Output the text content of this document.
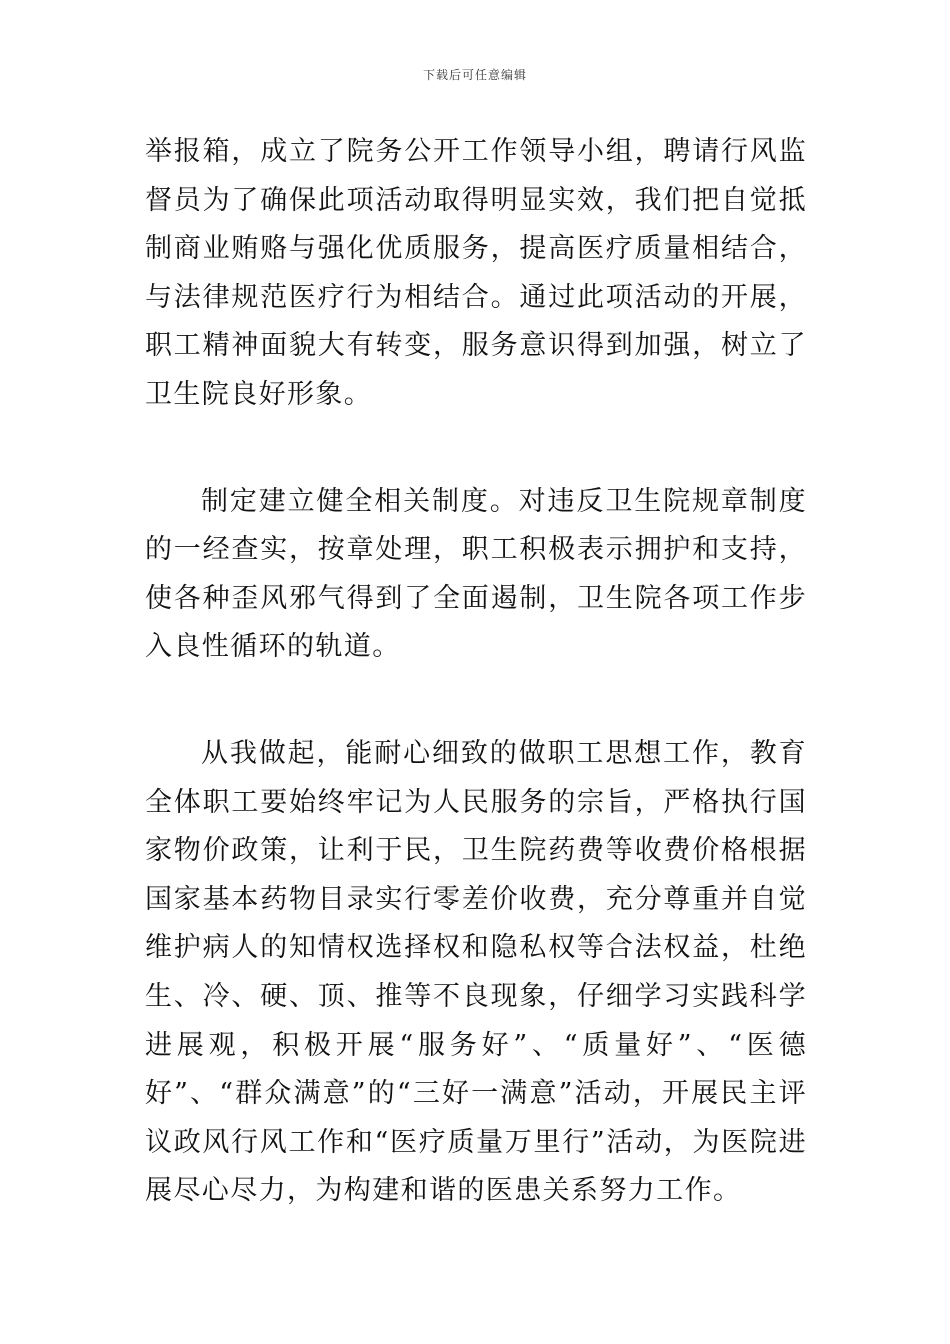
下载后可任意编辑

举报箱，成立了院务公开工作领导小组，聘请行风监督员为了确保此项活动取得明显实效，我们把自觉抵制商业贿赂与强化优质服务，提高医疗质量相结合，与法律规范医疗行为相结合。通过此项活动的开展，职工精神面貌大有转变，服务意识得到加强，树立了卫生院良好形象。

制定建立健全相关制度。对违反卫生院规章制度的一经查实，按章处理，职工积极表示拥护和支持，使各种歪风邪气得到了全面遏制，卫生院各项工作步入良性循环的轨道。

从我做起，能耐心细致的做职工思想工作，教育全体职工要始终牢记为人民服务的宗旨，严格执行国家物价政策，让利于民，卫生院药费等收费价格根据国家基本药物目录实行零差价收费，充分尊重并自觉维护病人的知情权选择权和隐私权等合法权益，杜绝生、冷、硬、顶、推等不良现象，仔细学习实践科学进展观，积极开展“服务好”、“质量好”、“医德好”、“群众满意”的“三好一满意”活动，开展民主评议政风行风工作和“医疗质量万里行”活动，为医院进展尽心尽力，为构建和谐的医患关系努力工作。
